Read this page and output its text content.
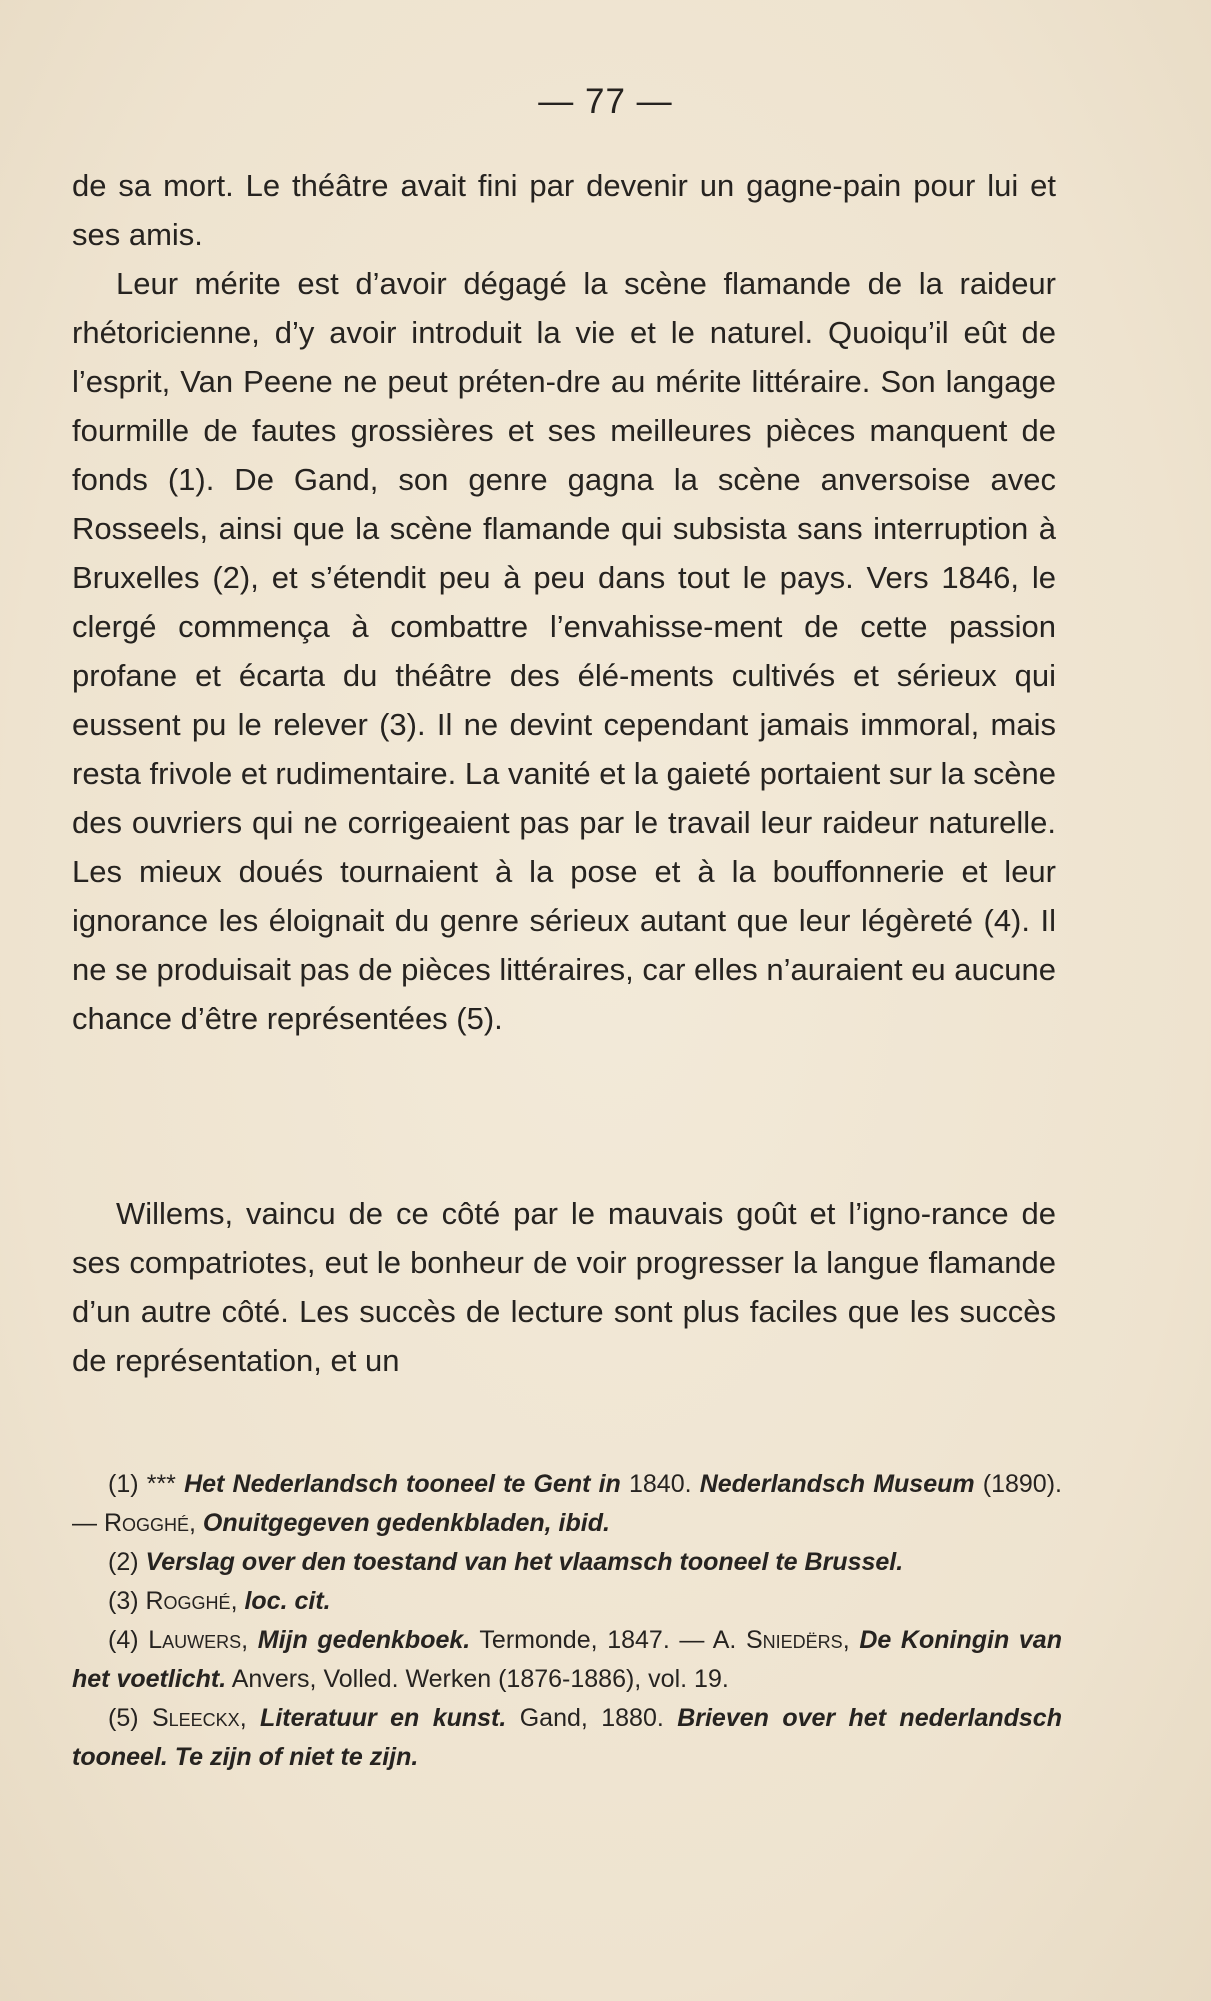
— 77 —

de sa mort. Le théâtre avait fini par devenir un gagne-pain pour lui et ses amis.

Leur mérite est d’avoir dégagé la scène flamande de la raideur rhétoricienne, d’y avoir introduit la vie et le naturel. Quoiqu’il eût de l’esprit, Van Peene ne peut préten-dre au mérite littéraire. Son langage fourmille de fautes grossières et ses meilleures pièces manquent de fonds (1). De Gand, son genre gagna la scène anversoise avec Rosseels, ainsi que la scène flamande qui subsista sans interruption à Bruxelles (2), et s’étendit peu à peu dans tout le pays. Vers 1846, le clergé commença à combattre l’envahisse-ment de cette passion profane et écarta du théâtre des élé-ments cultivés et sérieux qui eussent pu le relever (3). Il ne devint cependant jamais immoral, mais resta frivole et rudimentaire. La vanité et la gaieté portaient sur la scène des ouvriers qui ne corrigeaient pas par le travail leur raideur naturelle. Les mieux doués tournaient à la pose et à la bouffonnerie et leur ignorance les éloignait du genre sérieux autant que leur légèreté (4). Il ne se produisait pas de pièces littéraires, car elles n’auraient eu aucune chance d’être représentées (5).

Willems, vaincu de ce côté par le mauvais goût et l’igno-rance de ses compatriotes, eut le bonheur de voir progresser la langue flamande d’un autre côté. Les succès de lecture sont plus faciles que les succès de représentation, et un

(1) *** Het Nederlandsch tooneel te Gent in 1840. Nederlandsch Museum (1890). — Rogghé, Onuitgegeven gedenkbladen, ibid.

(2) Verslag over den toestand van het vlaamsch tooneel te Brussel.

(3) Rogghé, loc. cit.

(4) Lauwers, Mijn gedenkboek. Termonde, 1847. — A. Sniedërs, De Koningin van het voetlicht. Anvers, Volled. Werken (1876-1886), vol. 19.

(5) Sleeckx, Literatuur en kunst. Gand, 1880. Brieven over het nederlandsch tooneel. Te zijn of niet te zijn.
